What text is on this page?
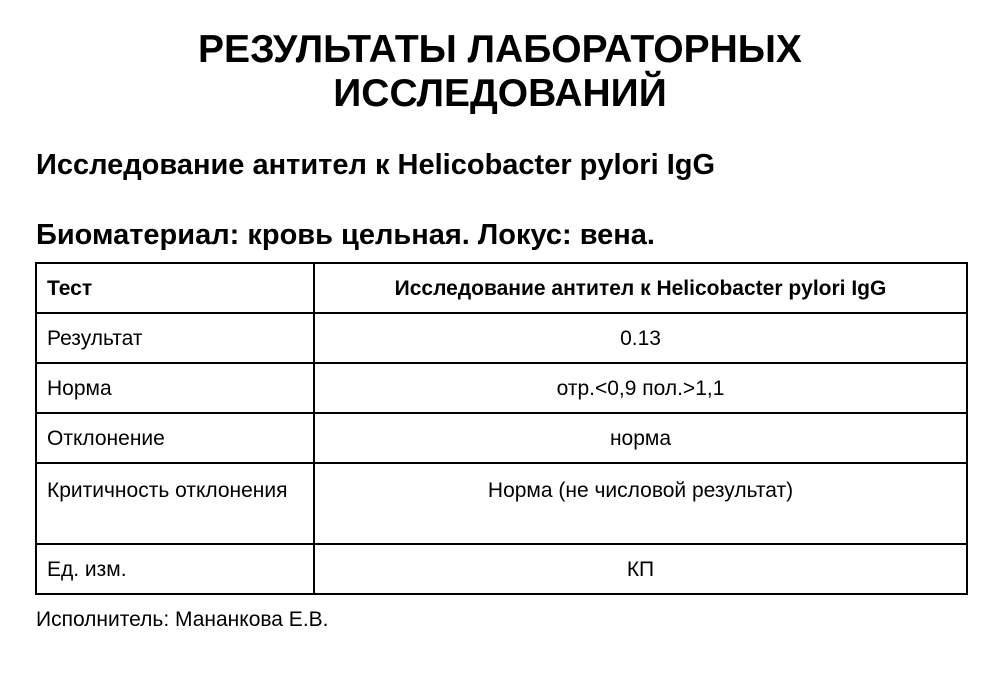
РЕЗУЛЬТАТЫ ЛАБОРАТОРНЫХ
ИССЛЕДОВАНИЙ
Исследование антител к Helicobacter pylori IgG
Биоматериал: кровь цельная. Локус: вена.
Тест	Исследование антител к Helicobacter pylori IgG
Результат	0.13
Норма	отр.<0,9 пол.>1,1
Отклонение	норма
Критичность отклонения	Норма (не числовой результат)
Ед. изм.	КП

Исполнитель: Мананкова Е.В.
